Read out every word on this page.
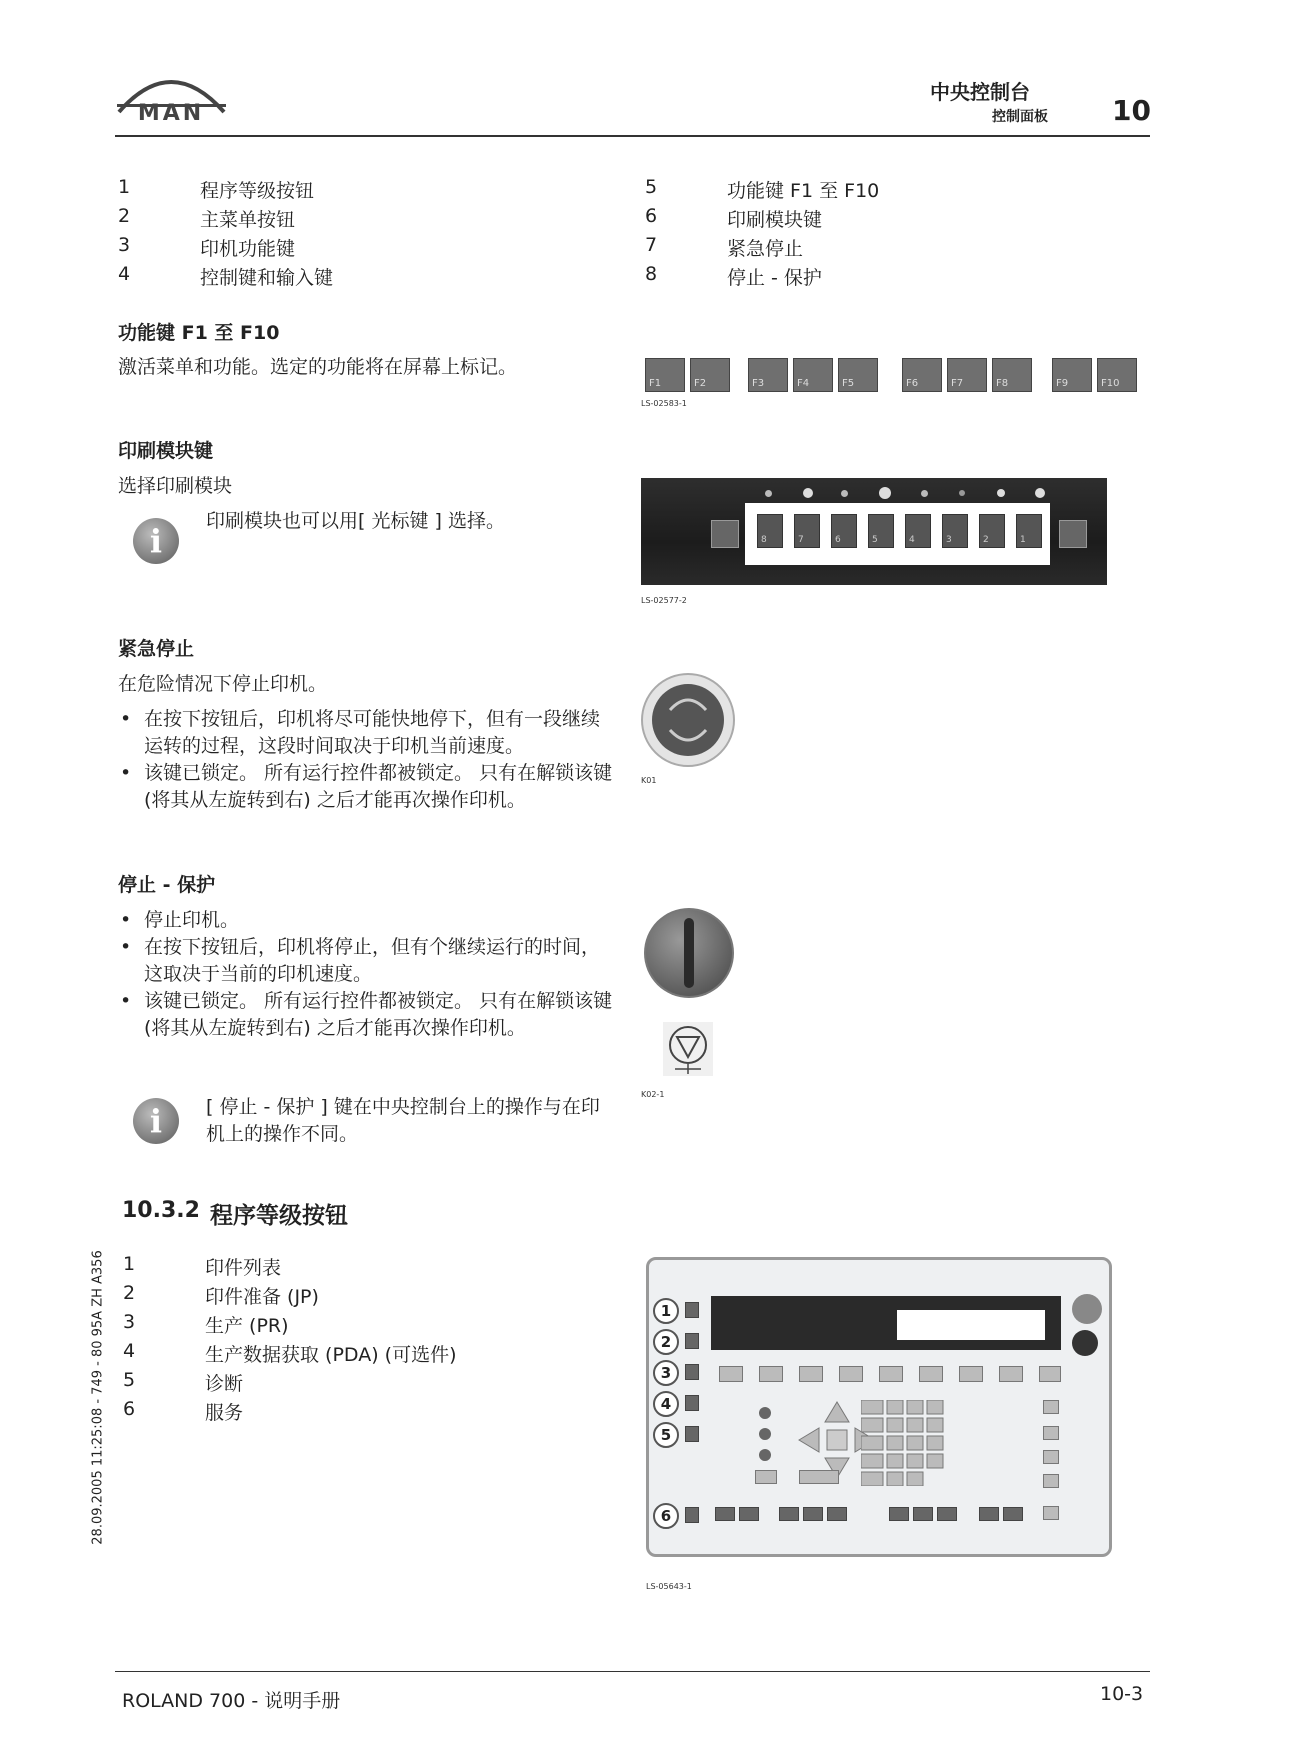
MAN
中央控制台
控制面板 10
1	程序等级按钮
2	主菜单按钮
3	印机功能键
4	控制键和输入键
5	功能键 F1 至 F10
6	印刷模块键
7	紧急停止
8	停止 - 保护
功能键 F1 至 F10
激活菜单和功能。选定的功能将在屏幕上标记。
F1	F2	F3	F4	F5	F6	F7	F8	F9	F10
LS-02583-1
印刷模块键
选择印刷模块
i
印刷模块也可以用[ 光标键 ] 选择。
8	7	6	5	4	3	2	1
LS-02577-2
紧急停止
在危险情况下停止印机。
• 在按下按钮后，印机将尽可能快地停下，但有一段继续运转的过程，这段时间取决于印机当前速度。
• 该键已锁定。 所有运行控件都被锁定。 只有在解锁该键 (将其从左旋转到右) 之后才能再次操作印机。
K01
停止 - 保护
• 停止印机。
• 在按下按钮后，印机将停止，但有个继续运行的时间，这取决于当前的印机速度。
• 该键已锁定。 所有运行控件都被锁定。 只有在解锁该键 (将其从左旋转到右) 之后才能再次操作印机。
i	[ 停止 - 保护 ] 键在中央控制台上的操作与在印机上的操作不同。
K02-1
10.3.2 程序等级按钮
1	印件列表
2	印件准备 (JP)
3	生产 (PR)
4	生产数据获取 (PDA) (可选件)
5	诊断
6	服务
1
2
3
4
5
6
LS-05643-1
28.09.2005 11:25:08 - 749 - 80 95A ZH A356
ROLAND 700 - 说明手册	10-3
